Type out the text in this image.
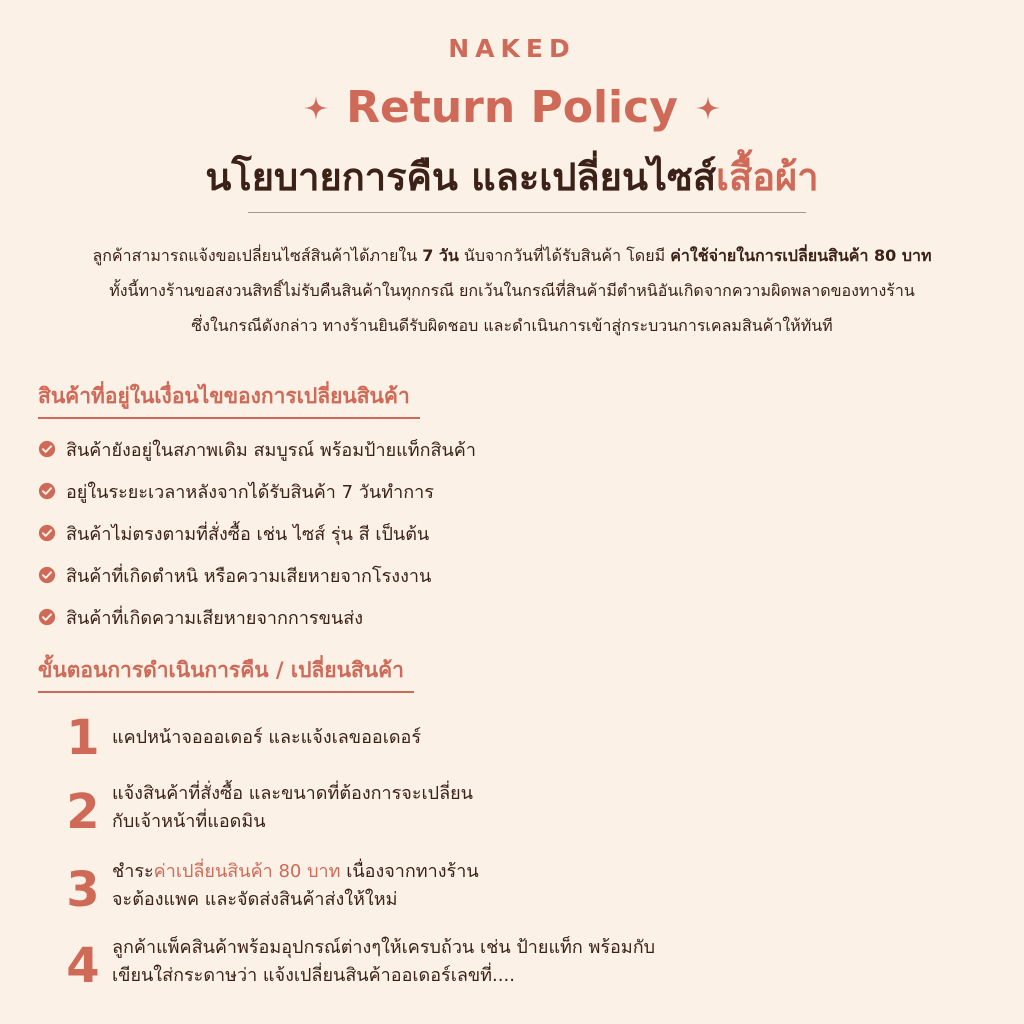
NAKED
Return Policy
นโยบายการคืน และเปลี่ยนไซส์เสื้อผ้า

ลูกค้าสามารถแจ้งขอเปลี่ยนไซส์สินค้าได้ภายใน 7 วัน นับจากวันที่ได้รับสินค้า โดยมี ค่าใช้จ่ายในการเปลี่ยนสินค้า 80 บาท

ทั้งนี้ทางร้านขอสงวนสิทธิ์ไม่รับคืนสินค้าในทุกกรณี ยกเว้นในกรณีที่สินค้ามีตำหนิอันเกิดจากความผิดพลาดของทางร้าน

ซึ่งในกรณีดังกล่าว ทางร้านยินดีรับผิดชอบ และดำเนินการเข้าสู่กระบวนการเคลมสินค้าให้ทันที

สินค้าที่อยู่ในเงื่อนไขของการเปลี่ยนสินค้า
สินค้ายังอยู่ในสภาพเดิม สมบูรณ์ พร้อมป้ายแท็กสินค้า
อยู่ในระยะเวลาหลังจากได้รับสินค้า 7 วันทำการ
สินค้าไม่ตรงตามที่สั่งซื้อ เช่น ไซส์ รุ่น สี เป็นต้น
สินค้าที่เกิดตำหนิ หรือความเสียหายจากโรงงาน
สินค้าที่เกิดความเสียหายจากการขนส่ง
ขั้นตอนการดำเนินการคืน / เปลี่ยนสินค้า
1 แคปหน้าจอออเดอร์ และแจ้งเลขออเดอร์
2 แจ้งสินค้าที่สั่งซื้อ และขนาดที่ต้องการจะเปลี่ยน
กับเจ้าหน้าที่แอดมิน
3 ชำระค่าเปลี่ยนสินค้า 80 บาท เนื่องจากทางร้าน
จะต้องแพค และจัดส่งสินค้าส่งให้ใหม่
4 ลูกค้าแพ็คสินค้าพร้อมอุปกรณ์ต่างๆให้เครบถ้วน เช่น ป้ายแท็ก พร้อมกับ
เขียนใส่กระดาษว่า แจ้งเปลี่ยนสินค้าออเดอร์เลขที่....
